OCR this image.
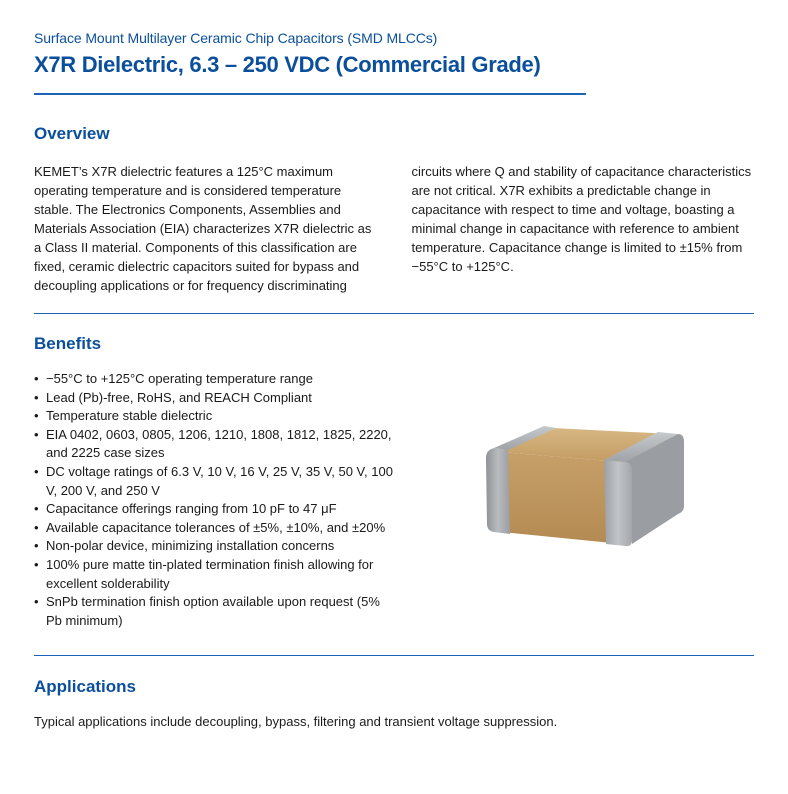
Surface Mount Multilayer Ceramic Chip Capacitors (SMD MLCCs)
X7R Dielectric, 6.3 – 250 VDC (Commercial Grade)
Overview

KEMET’s X7R dielectric features a 125°C maximum operating temperature and is considered temperature stable. The Electronics Components, Assemblies and Materials Association (EIA) characterizes X7R dielectric as a Class II material. Components of this classification are fixed, ceramic dielectric capacitors suited for bypass and decoupling applications or for frequency discriminating circuits where Q and stability of capacitance characteristics are not critical. X7R exhibits a predictable change in capacitance with respect to time and voltage, boasting a minimal change in capacitance with reference to ambient temperature. Capacitance change is limited to ±15% from −55°C to +125°C.

Benefits
• −55°C to +125°C operating temperature range
• Lead (Pb)-free, RoHS, and REACH Compliant
• Temperature stable dielectric
• EIA 0402, 0603, 0805, 1206, 1210, 1808, 1812, 1825, 2220, and 2225 case sizes
• DC voltage ratings of 6.3 V, 10 V, 16 V, 25 V, 35 V, 50 V, 100 V, 200 V, and 250 V
• Capacitance offerings ranging from 10 pF to 47 μF
• Available capacitance tolerances of ±5%, ±10%, and ±20%
• Non-polar device, minimizing installation concerns
• 100% pure matte tin-plated termination finish allowing for excellent solderability
• SnPb termination finish option available upon request (5% Pb minimum)
Applications

Typical applications include decoupling, bypass, filtering and transient voltage suppression.
